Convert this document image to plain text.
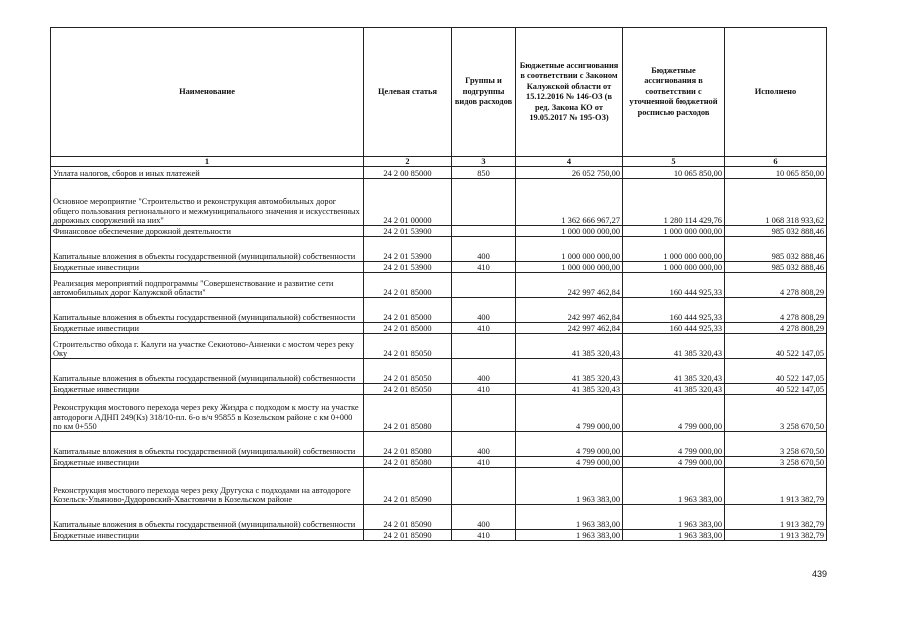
Наименование	Целевая статья	Группы и подгруппы видов расходов	Бюджетные ассигнования в соответствии с Законом Калужской области от 15.12.2016 № 146-ОЗ (в ред. Закона КО от 19.05.2017 № 195-ОЗ)	Бюджетные ассигнования в соответствии с уточненной бюджетной росписью расходов	Исполнено
1	2	3	4	5	6
Уплата налогов, сборов и иных платежей	24 2 00 85000	850	26 052 750,00	10 065 850,00	10 065 850,00
Основное мероприятие "Строительство и реконструкция автомобильных дорог общего пользования регионального и межмуниципального значения и искусственных дорожных сооружений на них"	24 2 01 00000		1 362 666 967,27	1 280 114 429,76	1 068 318 933,62
Финансовое обеспечение дорожной деятельности	24 2 01 53900		1 000 000 000,00	1 000 000 000,00	985 032 888,46
Капитальные вложения в объекты государственной (муниципальной) собственности	24 2 01 53900	400	1 000 000 000,00	1 000 000 000,00	985 032 888,46
Бюджетные инвестиции	24 2 01 53900	410	1 000 000 000,00	1 000 000 000,00	985 032 888,46
Реализация мероприятий подпрограммы "Совершенствование и развитие сети автомобильных дорог Калужской области"	24 2 01 85000		242 997 462,84	160 444 925,33	4 278 808,29
Капитальные вложения в объекты государственной (муниципальной) собственности	24 2 01 85000	400	242 997 462,84	160 444 925,33	4 278 808,29
Бюджетные инвестиции	24 2 01 85000	410	242 997 462,84	160 444 925,33	4 278 808,29
Строительство обхода г. Калуги на участке Секиотово-Анненки с мостом через реку Оку	24 2 01 85050		41 385 320,43	41 385 320,43	40 522 147,05
Капитальные вложения в объекты государственной (муниципальной) собственности	24 2 01 85050	400	41 385 320,43	41 385 320,43	40 522 147,05
Бюджетные инвестиции	24 2 01 85050	410	41 385 320,43	41 385 320,43	40 522 147,05
Реконструкция мостового перехода через реку Жиздра с подходом к мосту на участке автодороги АДНП 249(Кз) 318/10-пл. 6-о в/ч 95855 в Козельском районе с км 0+000 по км 0+550	24 2 01 85080		4 799 000,00	4 799 000,00	3 258 670,50
Капитальные вложения в объекты государственной (муниципальной) собственности	24 2 01 85080	400	4 799 000,00	4 799 000,00	3 258 670,50
Бюджетные инвестиции	24 2 01 85080	410	4 799 000,00	4 799 000,00	3 258 670,50
Реконструкция мостового перехода через реку Другуска с подходами на автодороге Козельск-Ульяново-Дудоровский-Хвастовичи в Козельском районе	24 2 01 85090		1 963 383,00	1 963 383,00	1 913 382,79
Капитальные вложения в объекты государственной (муниципальной) собственности	24 2 01 85090	400	1 963 383,00	1 963 383,00	1 913 382,79
Бюджетные инвестиции	24 2 01 85090	410	1 963 383,00	1 963 383,00	1 913 382,79
439
